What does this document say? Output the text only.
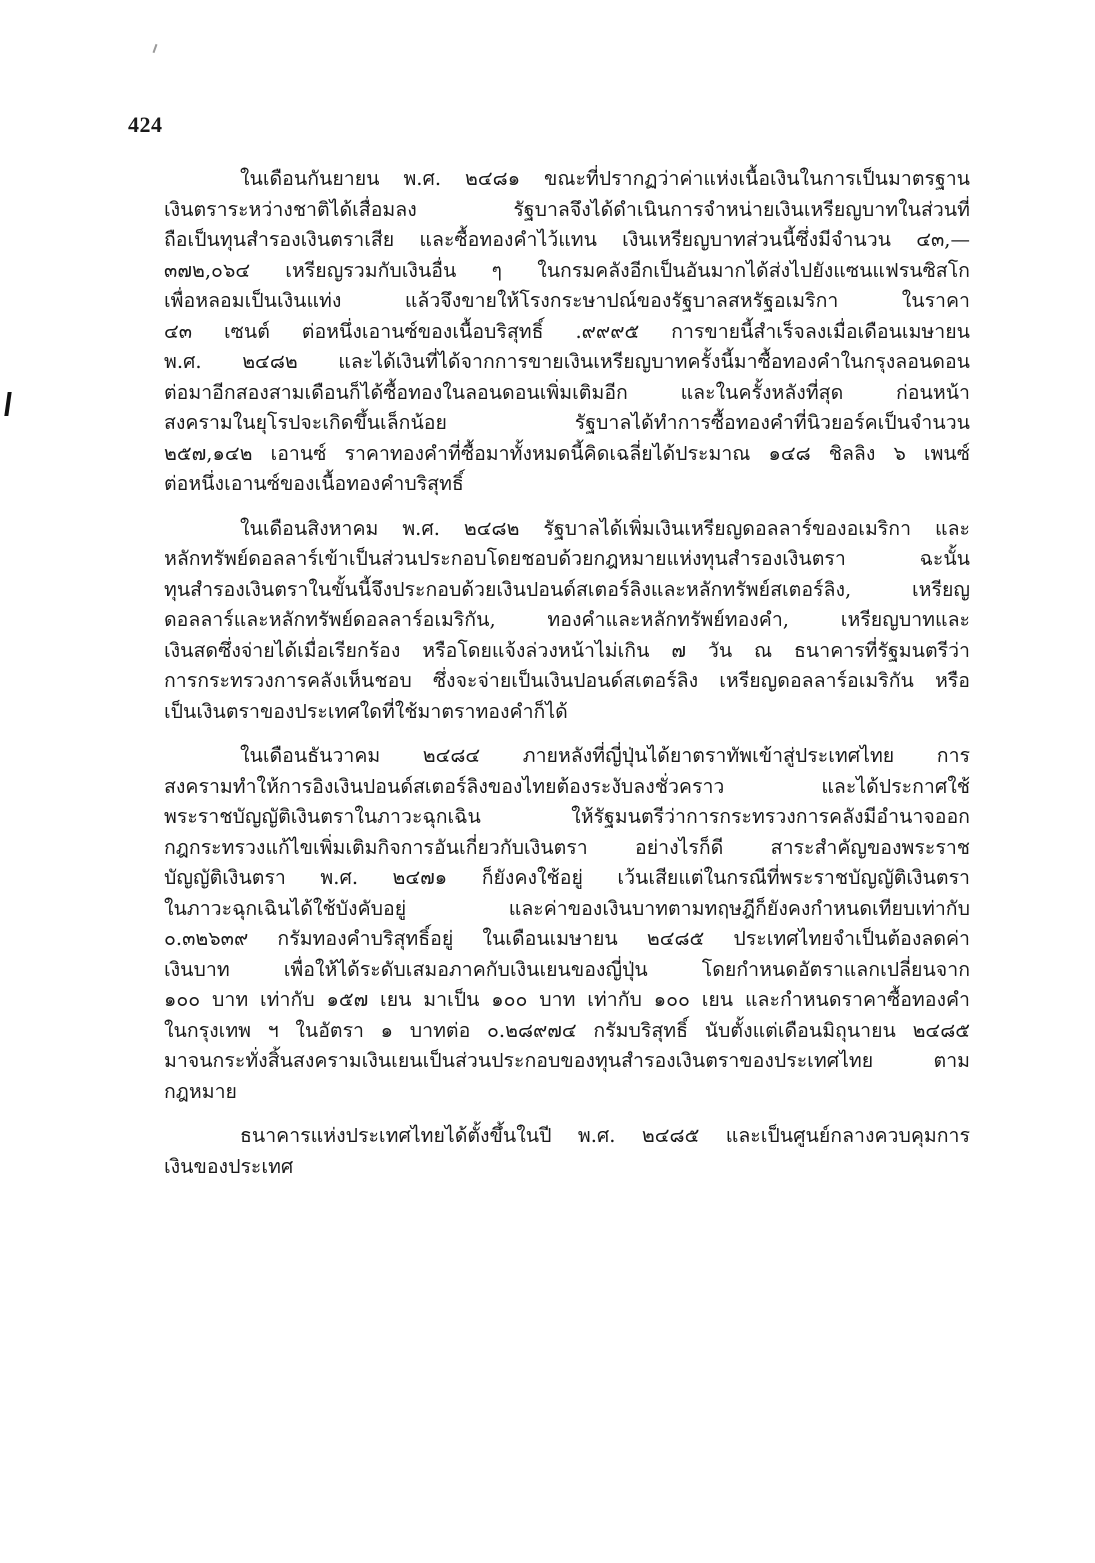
424
ในเดือนกันยายน พ.ศ. ๒๔๘๑ ขณะที่ปรากฏว่าค่าแห่งเนื้อเงินในการเป็นมาตรฐาน
เงินตราระหว่างชาติได้เสื่อมลง รัฐบาลจึงได้ดำเนินการจำหน่ายเงินเหรียญบาทในส่วนที่
ถือเป็นทุนสำรองเงินตราเสีย และซื้อทองคำไว้แทน เงินเหรียญบาทส่วนนี้ซึ่งมีจำนวน ๔๓,—
๓๗๒,๐๖๔ เหรียญรวมกับเงินอื่น ๆ ในกรมคลังอีกเป็นอันมากได้ส่งไปยังแซนแฟรนซิสโก
เพื่อหลอมเป็นเงินแท่ง แล้วจึงขายให้โรงกระษาปณ์ของรัฐบาลสหรัฐอเมริกา ในราคา
๔๓ เซนต์ ต่อหนึ่งเอานซ์ของเนื้อบริสุทธิ์ .๙๙๙๕ การขายนี้สำเร็จลงเมื่อเดือนเมษายน
พ.ศ. ๒๔๘๒ และได้เงินที่ได้จากการขายเงินเหรียญบาทครั้งนี้มาซื้อทองคำในกรุงลอนดอน
ต่อมาอีกสองสามเดือนก็ได้ซื้อทองในลอนดอนเพิ่มเติมอีก และในครั้งหลังที่สุด ก่อนหน้า
สงครามในยุโรปจะเกิดขึ้นเล็กน้อย รัฐบาลได้ทำการซื้อทองคำที่นิวยอร์คเป็นจำนวน
๒๕๗,๑๔๒ เอานซ์ ราคาทองคำที่ซื้อมาทั้งหมดนี้คิดเฉลี่ยได้ประมาณ ๑๔๘ ชิลลิง ๖ เพนซ์
ต่อหนึ่งเอานซ์ของเนื้อทองคำบริสุทธิ์
ในเดือนสิงหาคม พ.ศ. ๒๔๘๒ รัฐบาลได้เพิ่มเงินเหรียญดอลลาร์ของอเมริกา และ
หลักทรัพย์ดอลลาร์เข้าเป็นส่วนประกอบโดยชอบด้วยกฎหมายแห่งทุนสำรองเงินตรา ฉะนั้น
ทุนสำรองเงินตราในขั้นนี้จึงประกอบด้วยเงินปอนด์สเตอร์ลิงและหลักทรัพย์สเตอร์ลิง, เหรียญ
ดอลลาร์และหลักทรัพย์ดอลลาร์อเมริกัน, ทองคำและหลักทรัพย์ทองคำ, เหรียญบาทและ
เงินสดซึ่งจ่ายได้เมื่อเรียกร้อง หรือโดยแจ้งล่วงหน้าไม่เกิน ๗ วัน ณ ธนาคารที่รัฐมนตรีว่า
การกระทรวงการคลังเห็นชอบ ซึ่งจะจ่ายเป็นเงินปอนด์สเตอร์ลิง เหรียญดอลลาร์อเมริกัน หรือ
เป็นเงินตราของประเทศใดที่ใช้มาตราทองคำก็ได้
ในเดือนธันวาคม ๒๔๘๔ ภายหลังที่ญี่ปุ่นได้ยาตราทัพเข้าสู่ประเทศไทย การ
สงครามทำให้การอิงเงินปอนด์สเตอร์ลิงของไทยต้องระงับลงชั่วคราว และได้ประกาศใช้
พระราชบัญญัติเงินตราในภาวะฉุกเฉิน ให้รัฐมนตรีว่าการกระทรวงการคลังมีอำนาจออก
กฎกระทรวงแก้ไขเพิ่มเติมกิจการอันเกี่ยวกับเงินตรา อย่างไรก็ดี สาระสำคัญของพระราช
บัญญัติเงินตรา พ.ศ. ๒๔๗๑ ก็ยังคงใช้อยู่ เว้นเสียแต่ในกรณีที่พระราชบัญญัติเงินตรา
ในภาวะฉุกเฉินได้ใช้บังคับอยู่ และค่าของเงินบาทตามทฤษฎีก็ยังคงกำหนดเทียบเท่ากับ
๐.๓๒๖๓๙ กรัมทองคำบริสุทธิ์อยู่ ในเดือนเมษายน ๒๔๘๕ ประเทศไทยจำเป็นต้องลดค่า
เงินบาท เพื่อให้ได้ระดับเสมอภาคกับเงินเยนของญี่ปุ่น โดยกำหนดอัตราแลกเปลี่ยนจาก
๑๐๐ บาท เท่ากับ ๑๕๗ เยน มาเป็น ๑๐๐ บาท เท่ากับ ๑๐๐ เยน และกำหนดราคาซื้อทองคำ
ในกรุงเทพ ฯ ในอัตรา ๑ บาทต่อ ๐.๒๘๙๗๔ กรัมบริสุทธิ์ นับตั้งแต่เดือนมิถุนายน ๒๔๘๕
มาจนกระทั่งสิ้นสงครามเงินเยนเป็นส่วนประกอบของทุนสำรองเงินตราของประเทศไทย ตาม
กฎหมาย
ธนาคารแห่งประเทศไทยได้ตั้งขึ้นในปี พ.ศ. ๒๔๘๕ และเป็นศูนย์กลางควบคุมการ
เงินของประเทศ
